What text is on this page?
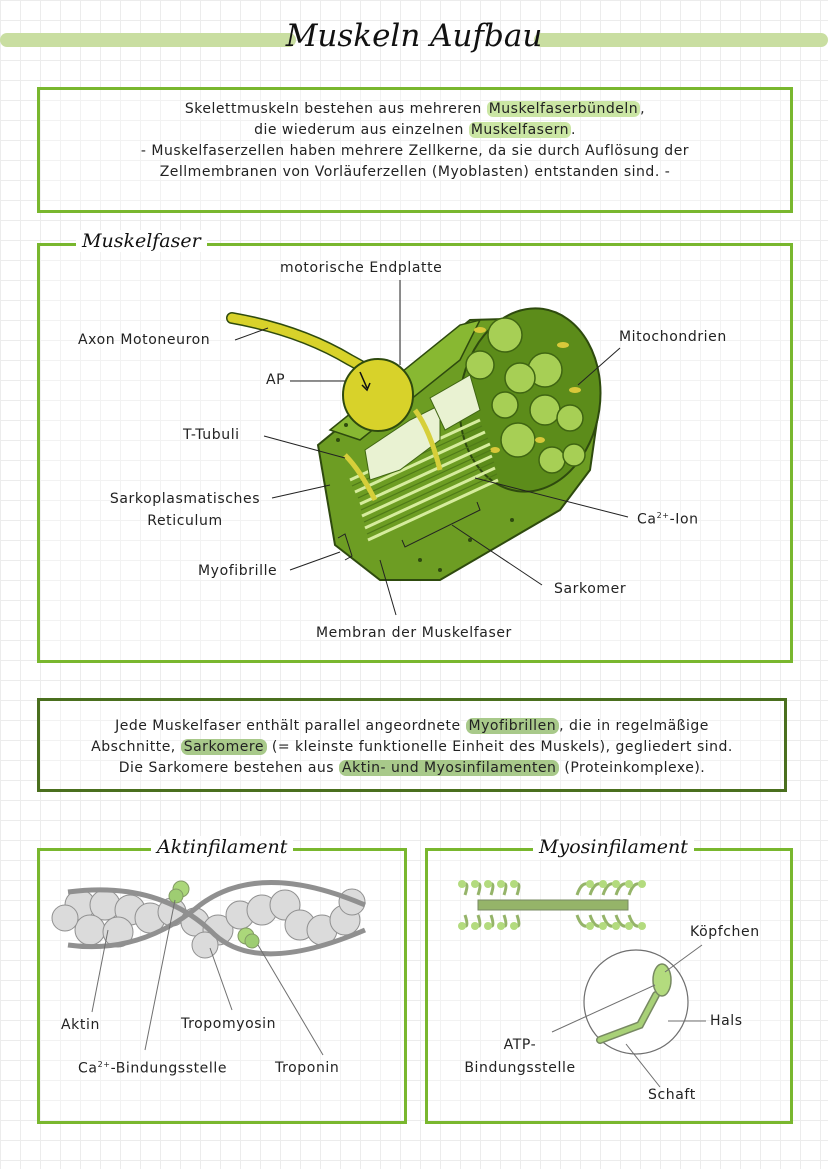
Muskeln Aufbau
Skelettmuskeln bestehen aus mehreren Muskelfaserbündeln ,
die wiederum aus einzelnen Muskelfasern .
- Muskelfaserzellen haben mehrere Zellkerne, da sie durch Auflösung der
Zellmembranen von Vorläuferzellen (Myoblasten) entstanden sind. -
Muskelfaser
motorische Endplatte
Axon Motoneuron
AP
T-Tubuli
Sarkoplasmatisches
Reticulum
Myofibrille
Membran der Muskelfaser
Mitochondrien
$Ca^{2+}$-Ion
Sarkomer
Jede Muskelfaser enthält parallel angeordnete Myofibrillen , die in regelmäßige
Abschnitte, Sarkomere (= kleinste funktionelle Einheit des Muskels), gegliedert sind.
Die Sarkomere bestehen aus Aktin- und Myosinfilamenten (Proteinkomplexe).
Aktinfilament
Aktin	Tropomyosin
$Ca^{2+}$-Bindungsstelle	Troponin
Myosinfilament
Köpfchen
Hals
ATP-
Bindungsstelle
Schaft
